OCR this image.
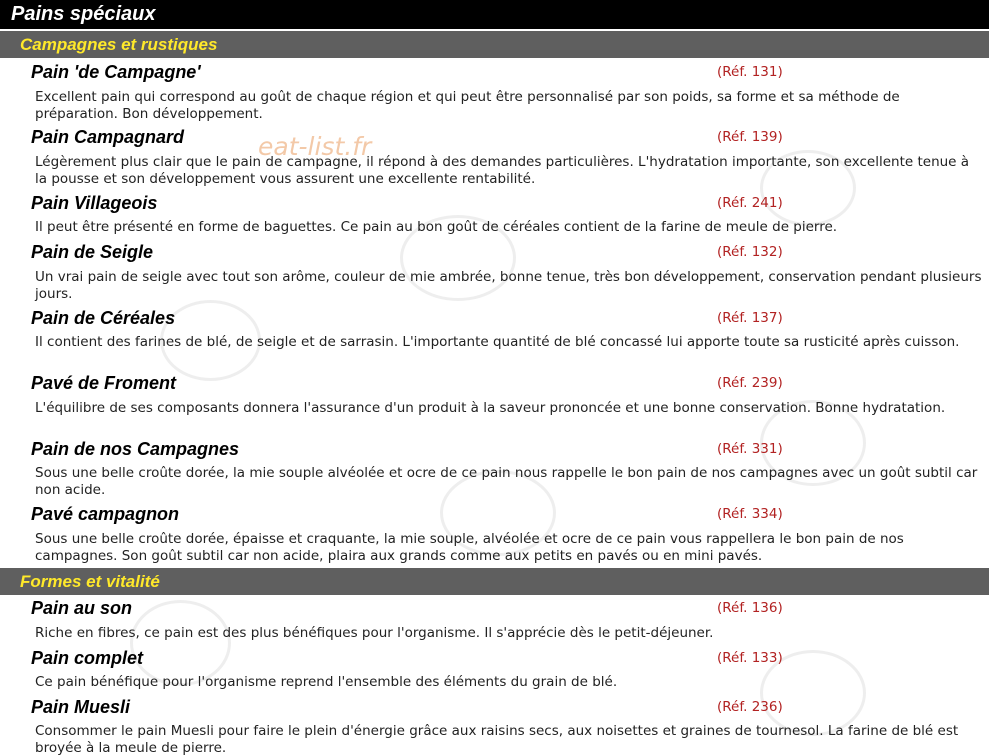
Pains spéciaux
Campagnes et rustiques
Pain 'de Campagne'	(Réf. 131)
Excellent pain qui correspond au goût de chaque région et qui peut être personnalisé par son poids, sa forme et sa méthode de préparation. Bon développement.
Pain Campagnard	(Réf. 139)
Légèrement plus clair que le pain de campagne, il répond à des demandes particulières. L'hydratation importante, son excellente tenue à la pousse et son développement vous assurent une excellente rentabilité.
Pain Villageois	(Réf. 241)
Il peut être présenté en forme de baguettes. Ce pain au bon goût de céréales contient de la farine de meule de pierre.
Pain de Seigle	(Réf. 132)
Un vrai pain de seigle avec tout son arôme, couleur de mie ambrée, bonne tenue, très bon développement, conservation pendant plusieurs jours.
Pain de Céréales	(Réf. 137)
Il contient des farines de blé, de seigle et de sarrasin. L'importante quantité de blé concassé lui apporte toute sa rusticité après cuisson.
Pavé de Froment	(Réf. 239)
L'équilibre de ses composants donnera l'assurance d'un produit à la saveur prononcée et une bonne conservation. Bonne hydratation.
Pain de nos Campagnes	(Réf. 331)
Sous une belle croûte dorée, la mie souple alvéolée et ocre de ce pain nous rappelle le bon pain de nos campagnes avec un goût subtil car non acide.
Pavé campagnon	(Réf. 334)
Sous une belle croûte dorée, épaisse et craquante, la mie souple, alvéolée et ocre de ce pain vous rappellera le bon pain de nos campagnes. Son goût subtil car non acide, plaira aux grands comme aux petits en pavés ou en mini pavés.
Formes et vitalité
Pain au son	(Réf. 136)
Riche en fibres, ce pain est des plus bénéfiques pour l'organisme. Il s'apprécie dès le petit-déjeuner.
Pain complet	(Réf. 133)
Ce pain bénéfique pour l'organisme reprend l'ensemble des éléments du grain de blé.
Pain Muesli	(Réf. 236)
Consommer le pain Muesli pour faire le plein d'énergie grâce aux raisins secs, aux noisettes et graines de tournesol. La farine de blé est broyée à la meule de pierre.
eat-list.fr
